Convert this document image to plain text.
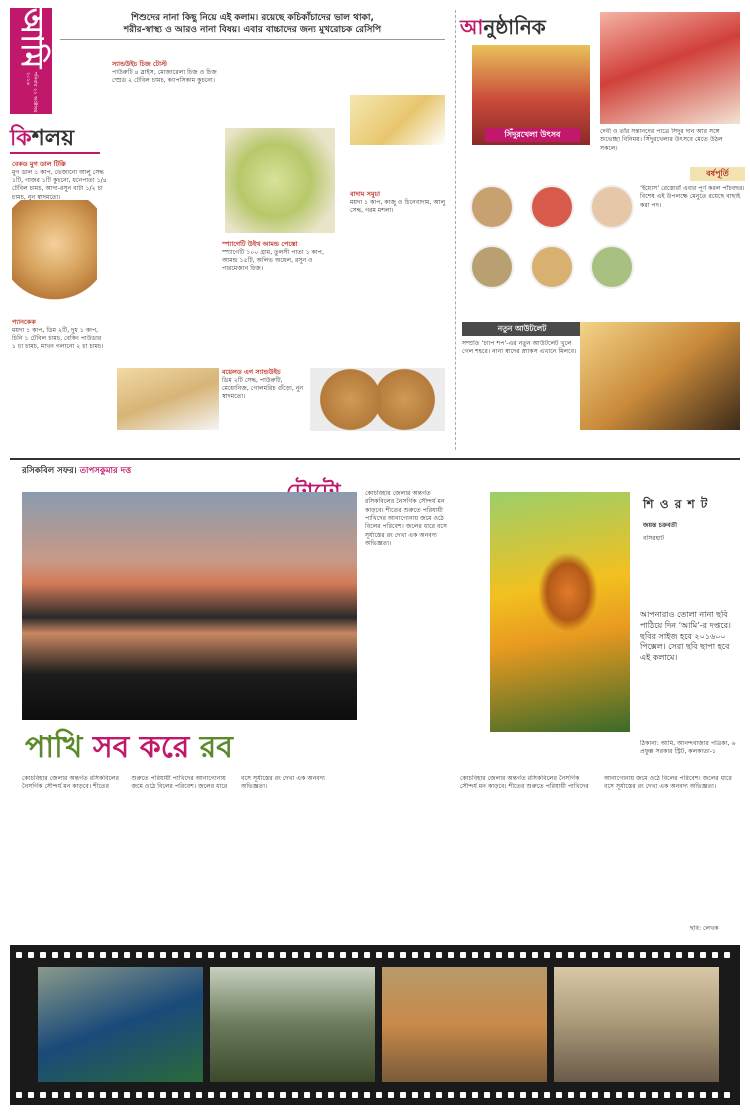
আমি
শনিবার ২২ অক্টোবর ২০১৬
শিশুদের নানা কিছু নিয়ে এই কলাম। রয়েছে কচিকাঁচাদের ভাল থাকা,
শরীর-স্বাস্থ্য ও আরও নানা বিষয়। এবার বাচ্চাদের জন্য মুখরোচক রেসিপি
কিশলয়
বেকড মুগ ডাল টিক্কি

মুগ ডাল ১ কাপ, ভেজানো আলু সেদ্ধ ১টি, গাজর ১টি কুচনো, ধনেপাতা ১/৪ টেবিল চামচ, আদা-রসুন বাটা ১/২ চা চামচ, নুন স্বাদমতো।

প্যানকেক

ময়দা ১ কাপ, ডিম ২টি, দুধ ১ কাপ, চিনি ১ টেবিল চামচ, বেকিং পাউডার ১ চা চামচ, মাখন গলানো ২ চা চামচ।

স্যান্ডউইচ চিজ টোস্ট

পাউরুটি ৪ স্লাইস, মোজারেলা চিজ ও চিজ স্প্রেড ২ টেবিল চামচ, ক্যাপসিকাম কুচনো।

স্প্যাগেটি উইথ আমন্ড পেস্তো

স্প্যাগেটি ১০০ গ্রাম, তুলসী পাতা ১ কাপ, আমন্ড ১৫টি, অলিভ অয়েল, রসুন ও পারমেজান চিজ।

বাদাম সমুচা

ময়দা ১ কাপ, কাজু ও চিনেবাদাম, আলু সেদ্ধ, গরম মশলা।

বয়েলড এগ স্যান্ডউইচ

ডিম ২টি সেদ্ধ, পাউরুটি, মেয়োনিজ, গোলমরিচ গুঁড়ো, নুন স্বাদমতো।

আনুষ্ঠানিক
সিঁদুরখেলা উৎসব	দেবী ও তাঁর সন্তানদের পাত্রে সিঁদুর দান আর সঙ্গে শুভেচ্ছা বিনিময়। সিঁদুরখেলার উৎসবে মেতে উঠল সকলে।
বর্ষপূর্তি
‘ইয়োস’ রেস্তোরাঁ এবার পূর্ণ করল পাঁচবছর। বিশেষ এই উপলক্ষে মেনুতে রয়েছে বাছাই করা পদ।
নতুন আউটলেট
সম্প্রতি ‘চ্যাপ শপ’-এর নতুন আউটলেট খুলে গেল শহরে। নানা স্বাদের স্ন্যাকস এখানে মিলবে।
রসিকবিল সফর। তাপসকুমার দত্ত
কোচবিহার জেলার অন্তর্গত রসিকবিলের নৈসর্গিক সৌন্দর্য মন কাড়বে। শীতের শুরুতে পরিযায়ী পাখিদের আনাগোনায় জমে ওঠে বিলের পরিবেশ। জলের ধারে বসে সূর্যাস্তের রং দেখা এক অনবদ্য অভিজ্ঞতা।
পাখি সব করে রব
শি ও র শ ট
জয়ন্ত চক্রবর্তী
বসিরহাট
আপনারাও তোলা নানা ছবি পাঠিয়ে দিন ‘আমি’-র দপ্তরে। ছবির সাইজ হবে ২০১৬০০ পিক্সেল। সেরা ছবি ছাপা হবে এই কলামে।
ঠিকানা: আমি, আনন্দবাজার পত্রিকা, ৬ প্রফুল্ল সরকার স্ট্রিট, কলকাতা-১
কোচবিহার জেলার অন্তর্গত রসিকবিলের নৈসর্গিক সৌন্দর্য মন কাড়বে। শীতের শুরুতে পরিযায়ী পাখিদের আনাগোনায় জমে ওঠে বিলের পরিবেশ। জলের ধারে বসে সূর্যাস্তের রং দেখা এক অনবদ্য অভিজ্ঞতা।
কোচবিহার জেলার অন্তর্গত রসিকবিলের নৈসর্গিক সৌন্দর্য মন কাড়বে। শীতের শুরুতে পরিযায়ী পাখিদের আনাগোনায় জমে ওঠে বিলের পরিবেশ। জলের ধারে বসে সূর্যাস্তের রং দেখা এক অনবদ্য অভিজ্ঞতা।
ছবি: লেখক
